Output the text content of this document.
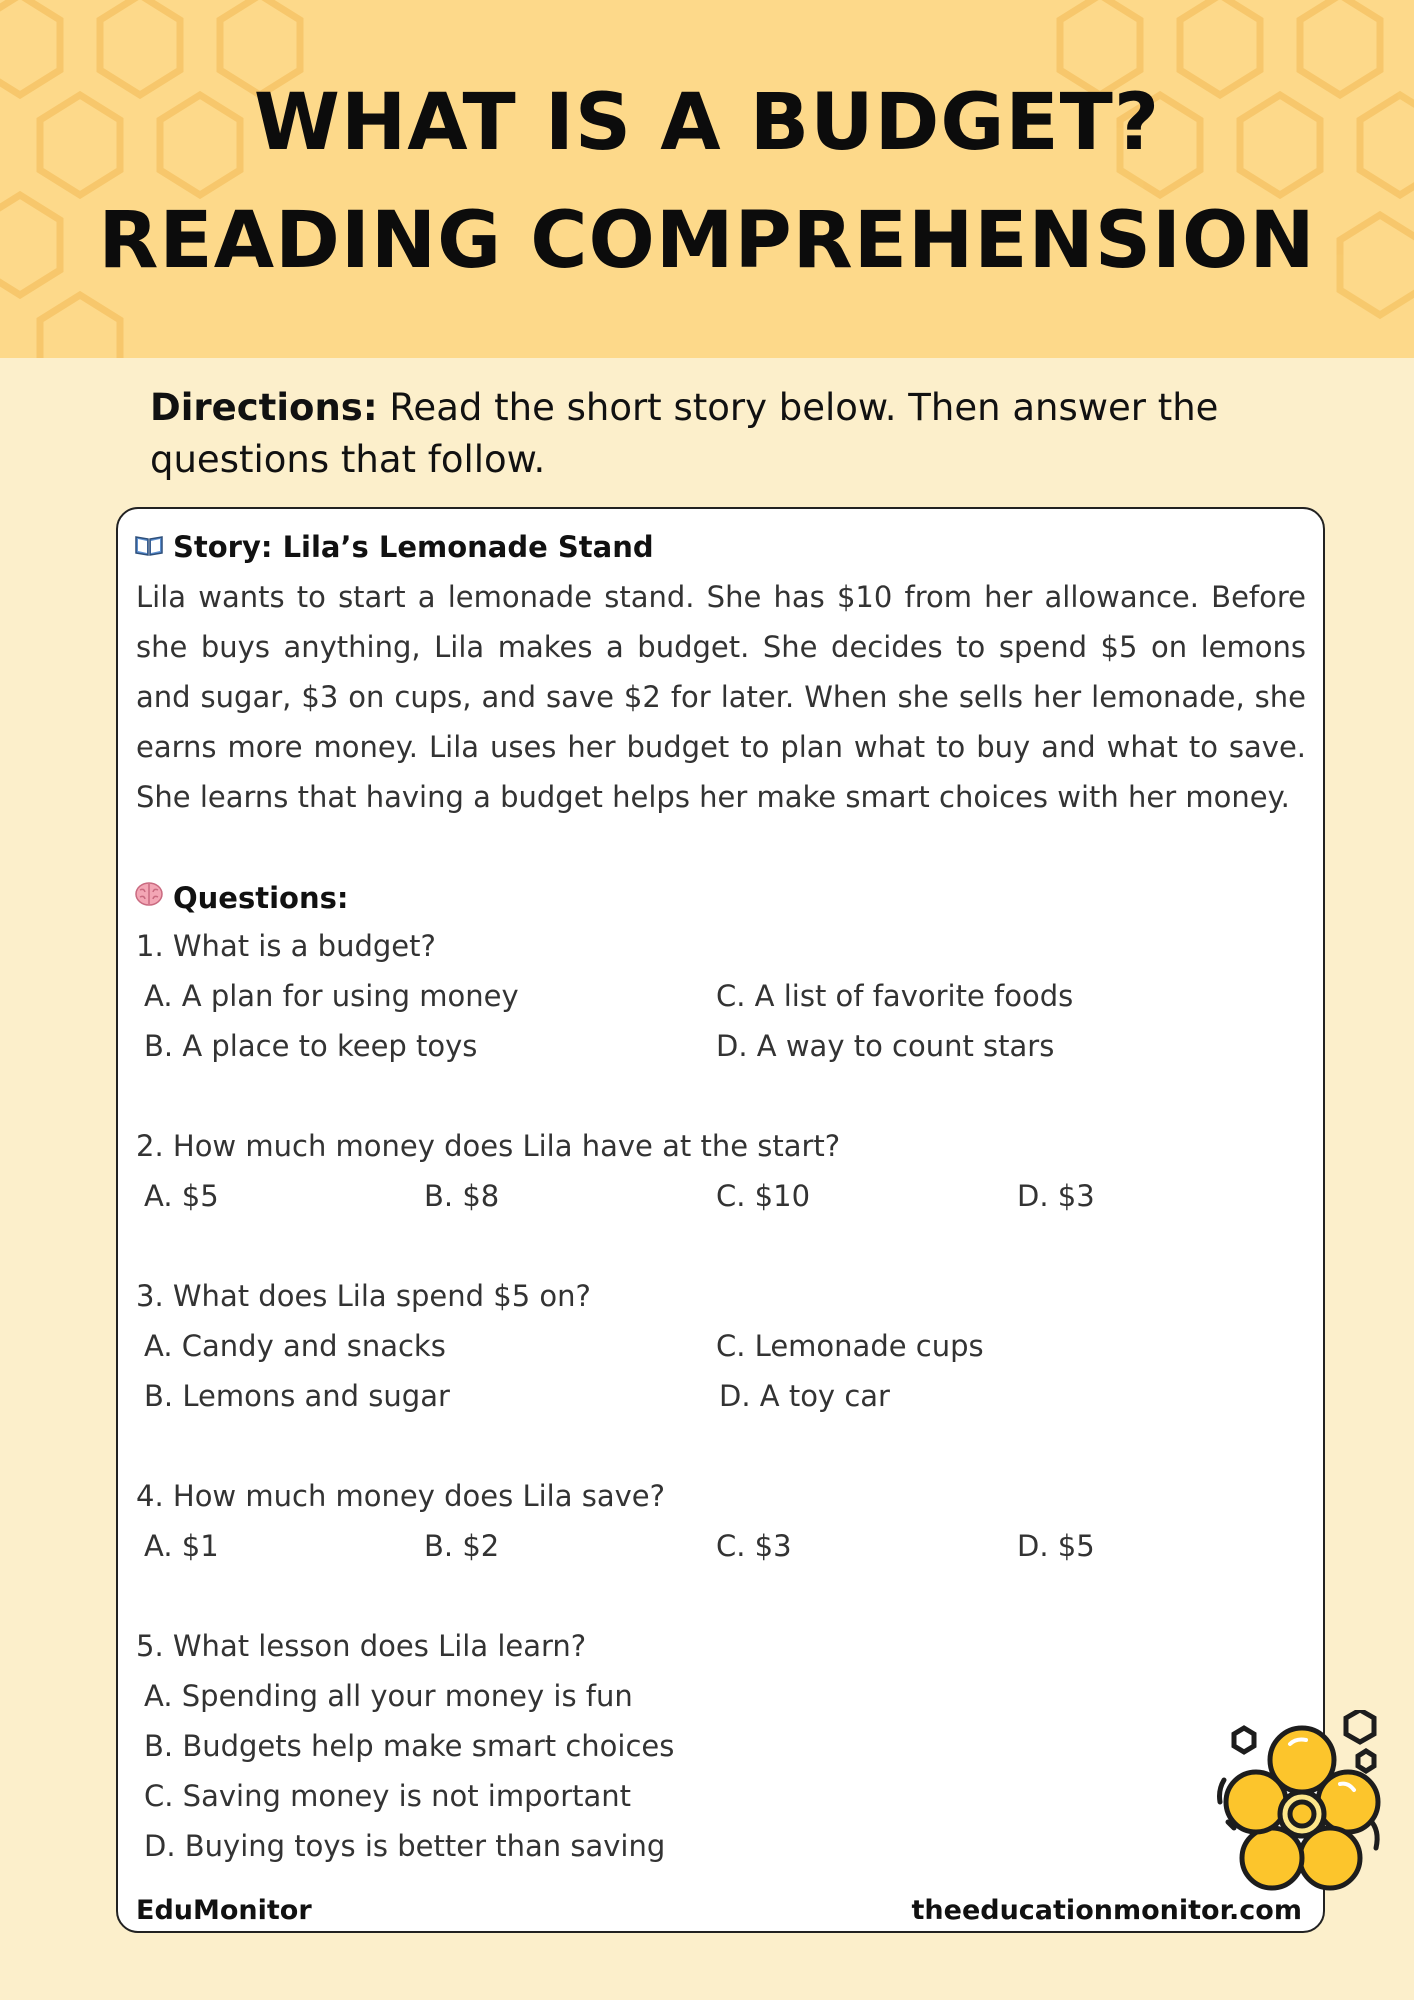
WHAT IS A BUDGET?
READING COMPREHENSION
Directions: Read the short story below. Then answer the questions that follow.
Story: Lila’s Lemonade Stand

Lila wants to start a lemonade stand. She has $10 from her allowance. Before she buys anything, Lila makes a budget. She decides to spend $5 on lemons and sugar, $3 on cups, and save $2 for later. When she sells her lemonade, she earns more money. Lila uses her budget to plan what to buy and what to save. She learns that having a budget helps her make smart choices with her money.

Questions:
1. What is a budget?
A. A plan for using money
B. A place to keep toys
C. A list of favorite foods
D. A way to count stars
2. How much money does Lila have at the start?
A. $5	B. $8	C. $10	D. $3
3. What does Lila spend $5 on?
A. Candy and snacks
B. Lemons and sugar
C. Lemonade cups
D. A toy car
4. How much money does Lila save?
A. $1	B. $2	C. $3	D. $5
5. What lesson does Lila learn?
A. Spending all your money is fun
B. Budgets help make smart choices
C. Saving money is not important
D. Buying toys is better than saving
EduMonitor	theeducationmonitor.com
